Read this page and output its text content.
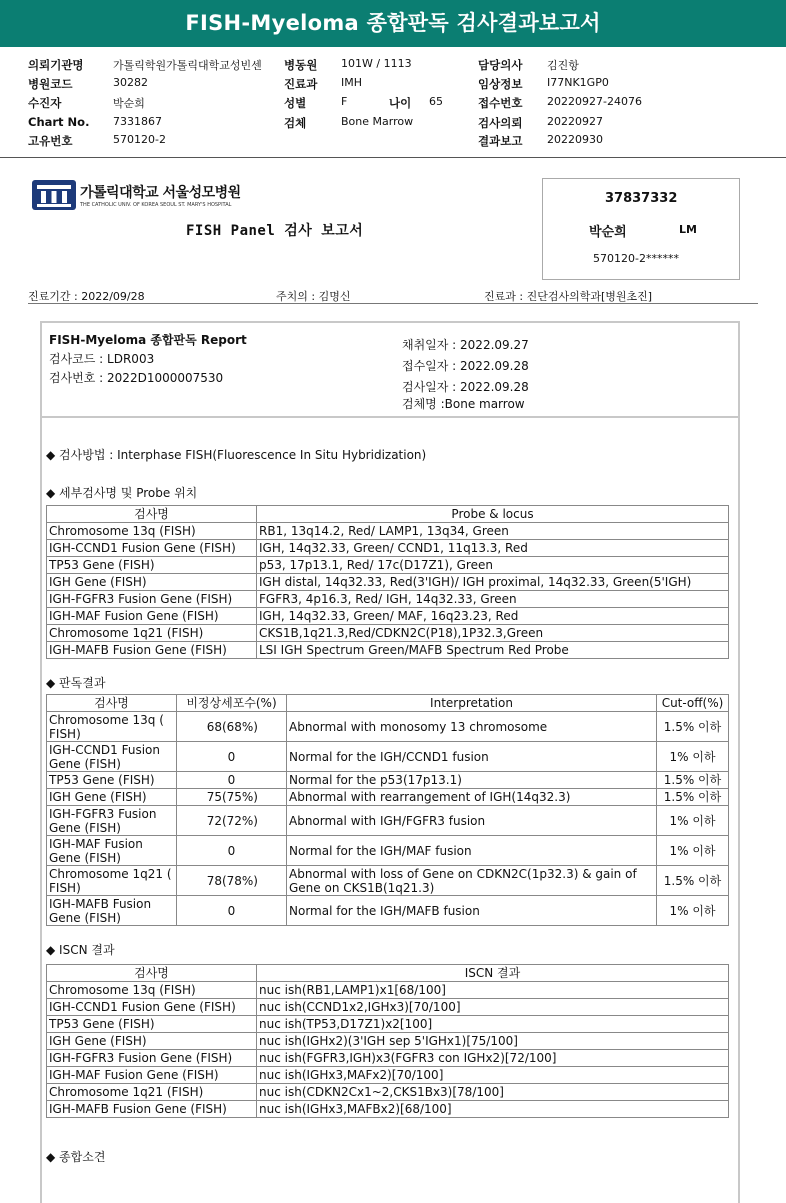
FISH-Myeloma 종합판독 검사결과보고서
의뢰기관명	가톨릭학원가톨릭대학교성빈센 병동원 101W / 1113	담당의사 김진항
병원코드	30282	진료과 IMH	임상정보 I77NK1GP0
수진자	박순희	성별	F	나이 65	접수번호 20220927-24076
Chart No. 7331867	검체	Bone Marrow	검사의뢰 20220927
고유번호	570120-2	결과보고 20220930
가톨릭대학교 서울성모병원
THE CATHOLIC UNIV. OF KOREA SEOUL ST. MARY'S HOSPITAL
FISH Panel 검사 보고서
37837332
박순희	LM
570120-2******
진료기간 : 2022/09/28	주치의 : 김명신	진료과 : 진단검사의학과[병원초진]
FISH-Myeloma 종합판독 Report
검사코드 : LDR003
검사번호 : 2022D1000007530
채취일자 : 2022.09.27
접수일자 : 2022.09.28
검사일자 : 2022.09.28
검체명 :Bone marrow
◆ 검사방법 : Interphase FISH(Fluorescence In Situ Hybridization)
◆ 세부검사명 및 Probe 위치
검사명	Probe & locus
Chromosome 13q (FISH)	RB1, 13q14.2, Red/ LAMP1, 13q34, Green
IGH-CCND1 Fusion Gene (FISH)	IGH, 14q32.33, Green/ CCND1, 11q13.3, Red
TP53 Gene (FISH)	p53, 17p13.1, Red/ 17c(D17Z1), Green
IGH Gene (FISH)	IGH distal, 14q32.33, Red(3'IGH)/ IGH proximal, 14q32.33, Green(5'IGH)
IGH-FGFR3 Fusion Gene (FISH)	FGFR3, 4p16.3, Red/ IGH, 14q32.33, Green
IGH-MAF Fusion Gene (FISH)	IGH, 14q32.33, Green/ MAF, 16q23.23, Red
Chromosome 1q21 (FISH)	CKS1B,1q21.3,Red/CDKN2C(P18),1P32.3,Green
IGH-MAFB Fusion Gene (FISH)	LSI IGH Spectrum Green/MAFB Spectrum Red Probe
◆ 판독결과
검사명	비정상세포수(%)	Interpretation	Cut-off(%)
Chromosome 13q ( FISH)	68(68%)	Abnormal with monosomy 13 chromosome	1.5% 이하
IGH-CCND1 Fusion Gene (FISH)	0	Normal for the IGH/CCND1 fusion	1% 이하
TP53 Gene (FISH)	0	Normal for the p53(17p13.1)	1.5% 이하
IGH Gene (FISH)	75(75%)	Abnormal with rearrangement of IGH(14q32.3)	1.5% 이하
IGH-FGFR3 Fusion Gene (FISH)	72(72%)	Abnormal with IGH/FGFR3 fusion	1% 이하
IGH-MAF Fusion Gene (FISH)	0	Normal for the IGH/MAF fusion	1% 이하
Chromosome 1q21 ( FISH)	78(78%)	Abnormal with loss of Gene on CDKN2C(1p32.3) & gain of Gene on CKS1B(1q21.3)	1.5% 이하
IGH-MAFB Fusion Gene (FISH)	0	Normal for the IGH/MAFB fusion	1% 이하
◆ ISCN 결과
검사명	ISCN 결과
Chromosome 13q (FISH)	nuc ish(RB1,LAMP1)x1[68/100]
IGH-CCND1 Fusion Gene (FISH)	nuc ish(CCND1x2,IGHx3)[70/100]
TP53 Gene (FISH)	nuc ish(TP53,D17Z1)x2[100]
IGH Gene (FISH)	nuc ish(IGHx2)(3'IGH sep 5'IGHx1)[75/100]
IGH-FGFR3 Fusion Gene (FISH)	nuc ish(FGFR3,IGH)x3(FGFR3 con IGHx2)[72/100]
IGH-MAF Fusion Gene (FISH)	nuc ish(IGHx3,MAFx2)[70/100]
Chromosome 1q21 (FISH)	nuc ish(CDKN2Cx1~2,CKS1Bx3)[78/100]
IGH-MAFB Fusion Gene (FISH)	nuc ish(IGHx3,MAFBx2)[68/100]
◆ 종합소견
